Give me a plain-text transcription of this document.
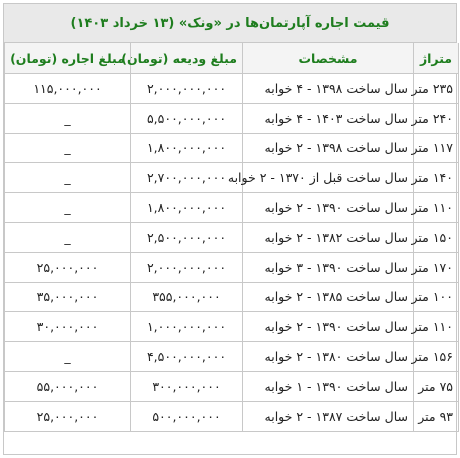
قیمت اجاره آپارتمان‌ها در «ونک» (۱۳ خرداد ۱۴۰۳)
متراژ	مشخصات	مبلغ ودیعه (تومان)	مبلغ اجاره (تومان)
۲۳۵ متر	سال ساخت ۱۳۹۸ - ۴ خوابه	۲,۰۰۰,۰۰۰,۰۰۰	۱۱۵,۰۰۰,۰۰۰
۲۴۰ متر	سال ساخت ۱۴۰۳ - ۴ خوابه	۵,۵۰۰,۰۰۰,۰۰۰	_
۱۱۷ متر	سال ساخت ۱۳۹۸ - ۲ خوابه	۱,۸۰۰,۰۰۰,۰۰۰	_
۱۴۰ متر	سال ساخت قبل از ۱۳۷۰ - ۲ خوابه	۲,۷۰۰,۰۰۰,۰۰۰	_
۱۱۰ متر	سال ساخت ۱۳۹۰ - ۲ خوابه	۱,۸۰۰,۰۰۰,۰۰۰	_
۱۵۰ متر	سال ساخت ۱۳۸۲ - ۲ خوابه	۲,۵۰۰,۰۰۰,۰۰۰	_
۱۷۰ متر	سال ساخت ۱۳۹۰ - ۳ خوابه	۲,۰۰۰,۰۰۰,۰۰۰	۲۵,۰۰۰,۰۰۰
۱۰۰ متر	سال ساخت ۱۳۸۵ - ۲ خوابه	۳۵۵,۰۰۰,۰۰۰	۳۵,۰۰۰,۰۰۰
۱۱۰ متر	سال ساخت ۱۳۹۰ - ۲ خوابه	۱,۰۰۰,۰۰۰,۰۰۰	۳۰,۰۰۰,۰۰۰
۱۵۶ متر	سال ساخت ۱۳۸۰ - ۲ خوابه	۴,۵۰۰,۰۰۰,۰۰۰	_
۷۵ متر	سال ساخت ۱۳۹۰ - ۱ خوابه	۳۰۰,۰۰۰,۰۰۰	۵۵,۰۰۰,۰۰۰
۹۳ متر	سال ساخت ۱۳۸۷ - ۲ خوابه	۵۰۰,۰۰۰,۰۰۰	۲۵,۰۰۰,۰۰۰
